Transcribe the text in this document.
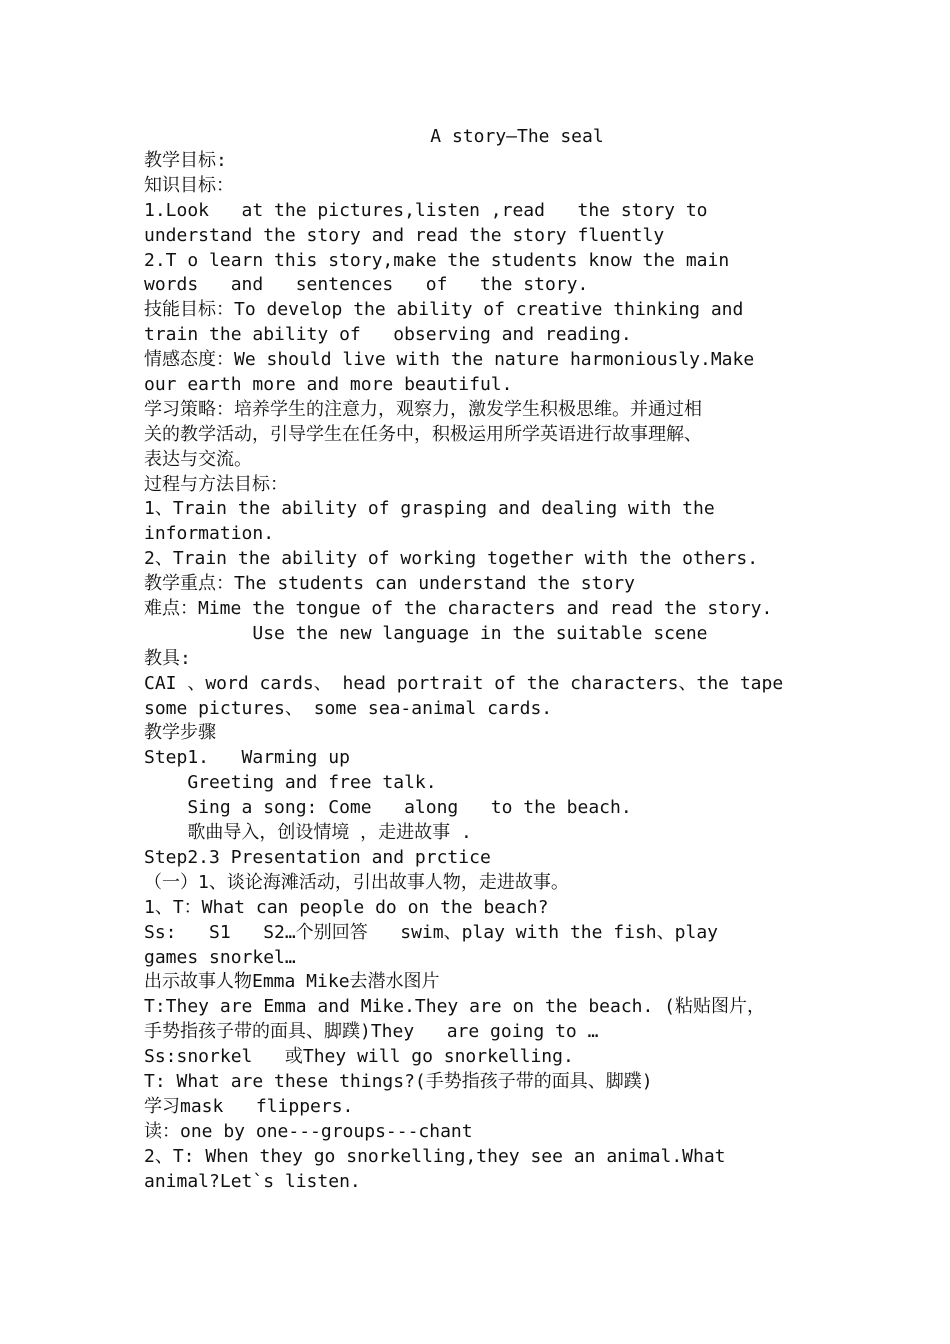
A story—The seal
教学目标:
知识目标：
1.Look   at the pictures,listen ,read   the story to
understand the story and read the story fluently
2.T o learn this story,make the students know the main
words   and   sentences   of   the story.
技能目标：To develop the ability of creative thinking and
train the ability of   observing and reading.
情感态度：We should live with the nature harmoniously.Make
our earth more and more beautiful.
学习策略：培养学生的注意力，观察力，激发学生积极思维。并通过相
关的教学活动，引导学生在任务中，积极运用所学英语进行故事理解、
表达与交流。
过程与方法目标：
1、Train the ability of grasping and dealing with the
information.
2、Train the ability of working together with the others.
教学重点：The students can understand the story
难点：Mime the tongue of the characters and read the story.
Use the new language in the suitable scene
教具:
CAI 、word cards、 head portrait of the characters、the tape
some pictures、 some sea-animal cards.
教学步骤
Step1.   Warming up
Greeting and free talk.
Sing a song: Come   along   to the beach.
歌曲导入，创设情境 ，走进故事 .
Step2.3 Presentation and prctice
（一）1、谈论海滩活动，引出故事人物，走进故事。
1、T：What can people do on the beach?
Ss:   S1   S2…个别回答   swim、play with the fish、play
games snorkel…
出示故事人物Emma Mike去潜水图片
T:They are Emma and Mike.They are on the beach. (粘贴图片，
手势指孩子带的面具、脚蹼)They   are going to …
Ss:snorkel   或They will go snorkelling.
T: What are these things?(手势指孩子带的面具、脚蹼)
学习mask   flippers.
读：one by one---groups---chant
2、T: When they go snorkelling,they see an animal.What
animal?Let`s listen.
